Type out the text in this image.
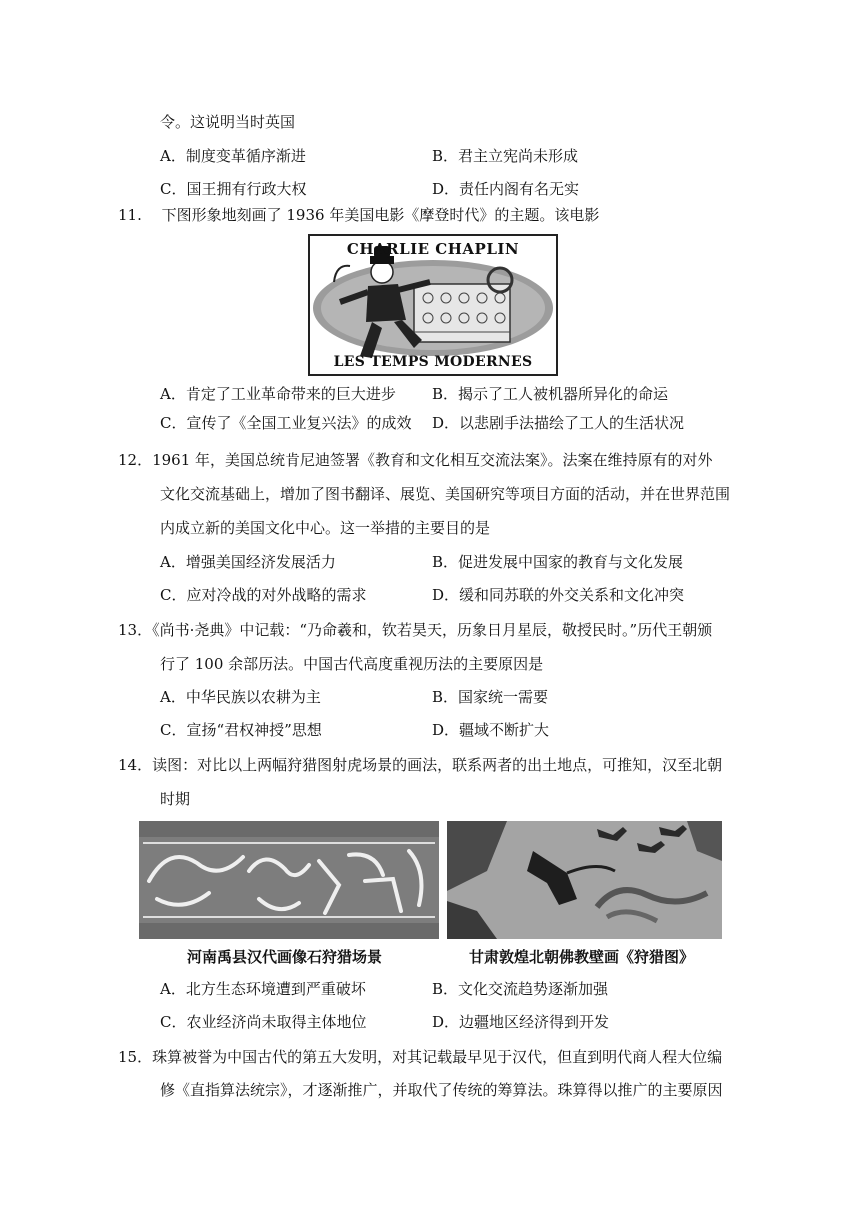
令。这说明当时英国
A．制度变革循序渐进	B．君主立宪尚未形成
C．国王拥有行政大权	D．责任内阁有名无实
11.　 下图形象地刻画了 1936 年美国电影《摩登时代》的主题。该电影
CHARLIE CHAPLIN
LES TEMPS MODERNES
A．肯定了工业革命带来的巨大进步 B．揭示了工人被机器所异化的命运
C．宣传了《全国工业复兴法》的成效 D．以悲剧手法描绘了工人的生活状况
12．1961 年，美国总统肯尼迪签署《教育和文化相互交流法案》。法案在维持原有的对外
文化交流基础上，增加了图书翻译、展览、美国研究等项目方面的活动，并在世界范围
内成立新的美国文化中心。这一举措的主要目的是
A．增强美国经济发展活力	B．促进发展中国家的教育与文化发展
C．应对冷战的对外战略的需求	D．缓和同苏联的外交关系和文化冲突
13．《尚书·尧典》中记载：“乃命羲和，钦若昊天，历象日月星辰，敬授民时。”历代王朝颁
行了 100 余部历法。中国古代高度重视历法的主要原因是
A．中华民族以农耕为主	B．国家统一需要
C．宣扬“君权神授”思想	D．疆域不断扩大
14．读图：对比以上两幅狩猎图射虎场景的画法，联系两者的出土地点，可推知，汉至北朝
时期
河南禹县汉代画像石狩猎场景	甘肃敦煌北朝佛教壁画《狩猎图》
A．北方生态环境遭到严重破坏	B．文化交流趋势逐渐加强
C．农业经济尚未取得主体地位	D．边疆地区经济得到开发
15．珠算被誉为中国古代的第五大发明，对其记载最早见于汉代，但直到明代商人程大位编
修《直指算法统宗》，才逐渐推广，并取代了传统的筹算法。珠算得以推广的主要原因
